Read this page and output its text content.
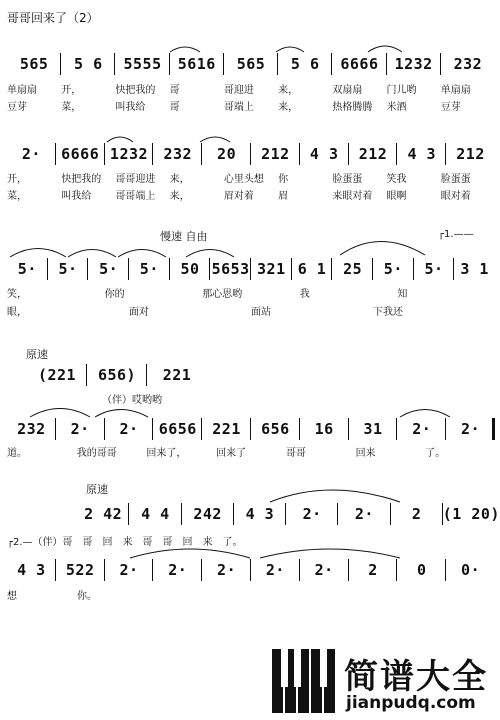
哥哥回来了（2）
565	5 6	5555	5616	565	5 6	6666	1232	232
单扇扇 开，	快把我的 哥	哥迎进 来，	双扇扇 门儿哟 单扇扇
豆芽	菜，	叫我给 哥	哥端上 来，	热格腾腾 米酒	豆芽
2·	6666 1232	232	20	212	4 3	212	4 3	212
开，	快把我的 哥哥迎进 来，	心里头想 你	脸蛋蛋 笑我	脸蛋蛋
菜，	叫我给 哥哥端上 来，	眉对着 眉	来眼对着 眼啊	眼对着
慢速 自由	┌1.——
5·	5·	5·	5·	50 5653 321 6 1	25	5·	5·	3 1
笑，	你的	那心思哟	我	知
眼，	面对	面站	下我还
原速
(221	656)	221
（伴）哎哟哟
232	2·	2·	6656	221	656	16	31	2·	2·
道。	我的哥哥	回来了，	回来了	哥哥	回来	了。
原速
2 42	4 4	242	4 3	2·	2·	2	(1 20)
┌2.—（伴）哥　哥　回　来　哥　哥　回　来　了。
4 3	522	2·	2·	2·	2·	2·	2	0	0·
想	你。
简谱大全
jianpudq.com
